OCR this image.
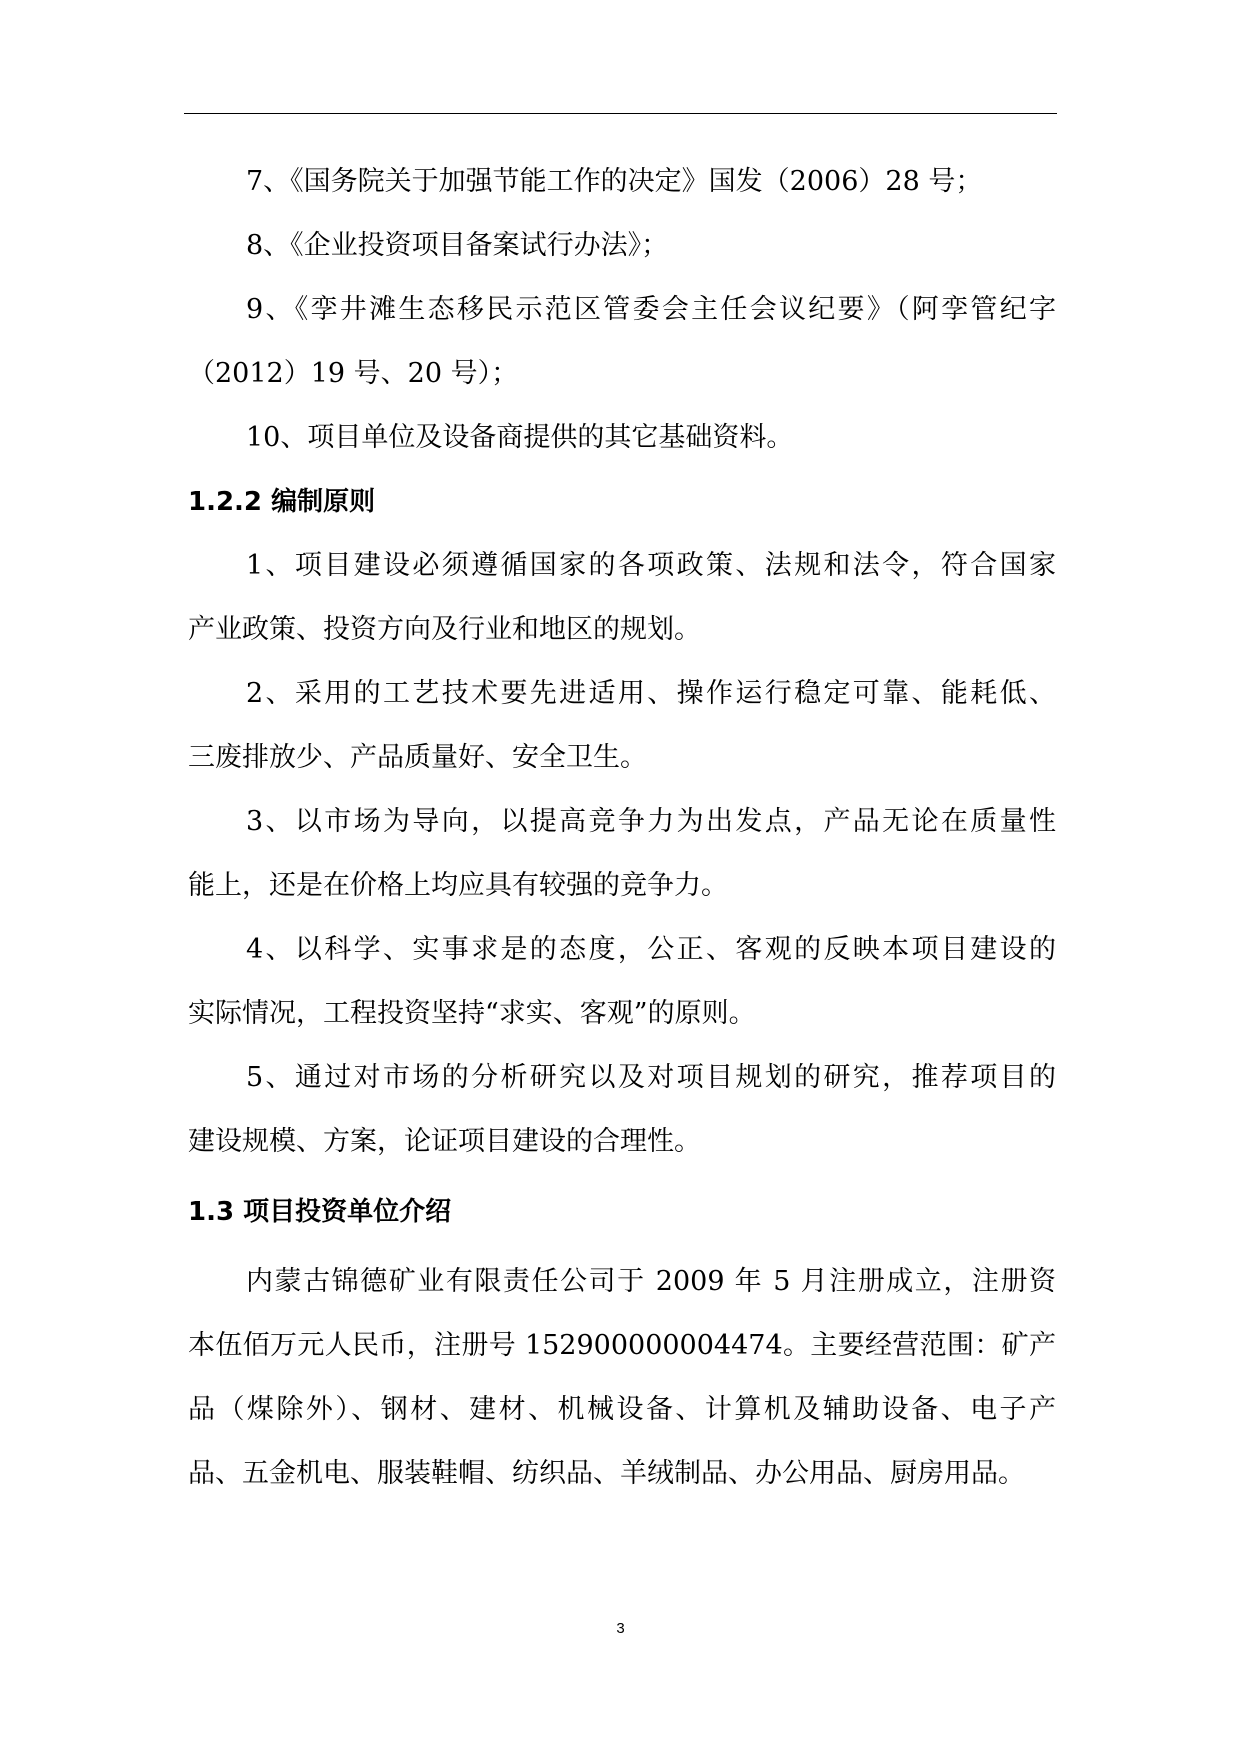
7、《国务院关于加强节能工作的决定》国发（2006）28 号；
8、《企业投资项目备案试行办法》；
9、《孪井滩生态移民示范区管委会主任会议纪要》（阿孪管纪字
（2012）19 号、20 号）；
10、项目单位及设备商提供的其它基础资料。
1.2.2 编制原则
1、项目建设必须遵循国家的各项政策、法规和法令，符合国家
产业政策、投资方向及行业和地区的规划。
2、采用的工艺技术要先进适用、操作运行稳定可靠、能耗低、
三废排放少、产品质量好、安全卫生。
3、以市场为导向，以提高竞争力为出发点，产品无论在质量性
能上，还是在价格上均应具有较强的竞争力。
4、以科学、实事求是的态度，公正、客观的反映本项目建设的
实际情况，工程投资坚持“求实、客观”的原则。
5、通过对市场的分析研究以及对项目规划的研究，推荐项目的
建设规模、方案，论证项目建设的合理性。
1.3 项目投资单位介绍
内蒙古锦德矿业有限责任公司于 2009 年 5 月注册成立，注册资
本伍佰万元人民币，注册号 152900000004474。主要经营范围：矿产
品（煤除外）、钢材、建材、机械设备、计算机及辅助设备、电子产
品、五金机电、服装鞋帽、纺织品、羊绒制品、办公用品、厨房用品。
3
